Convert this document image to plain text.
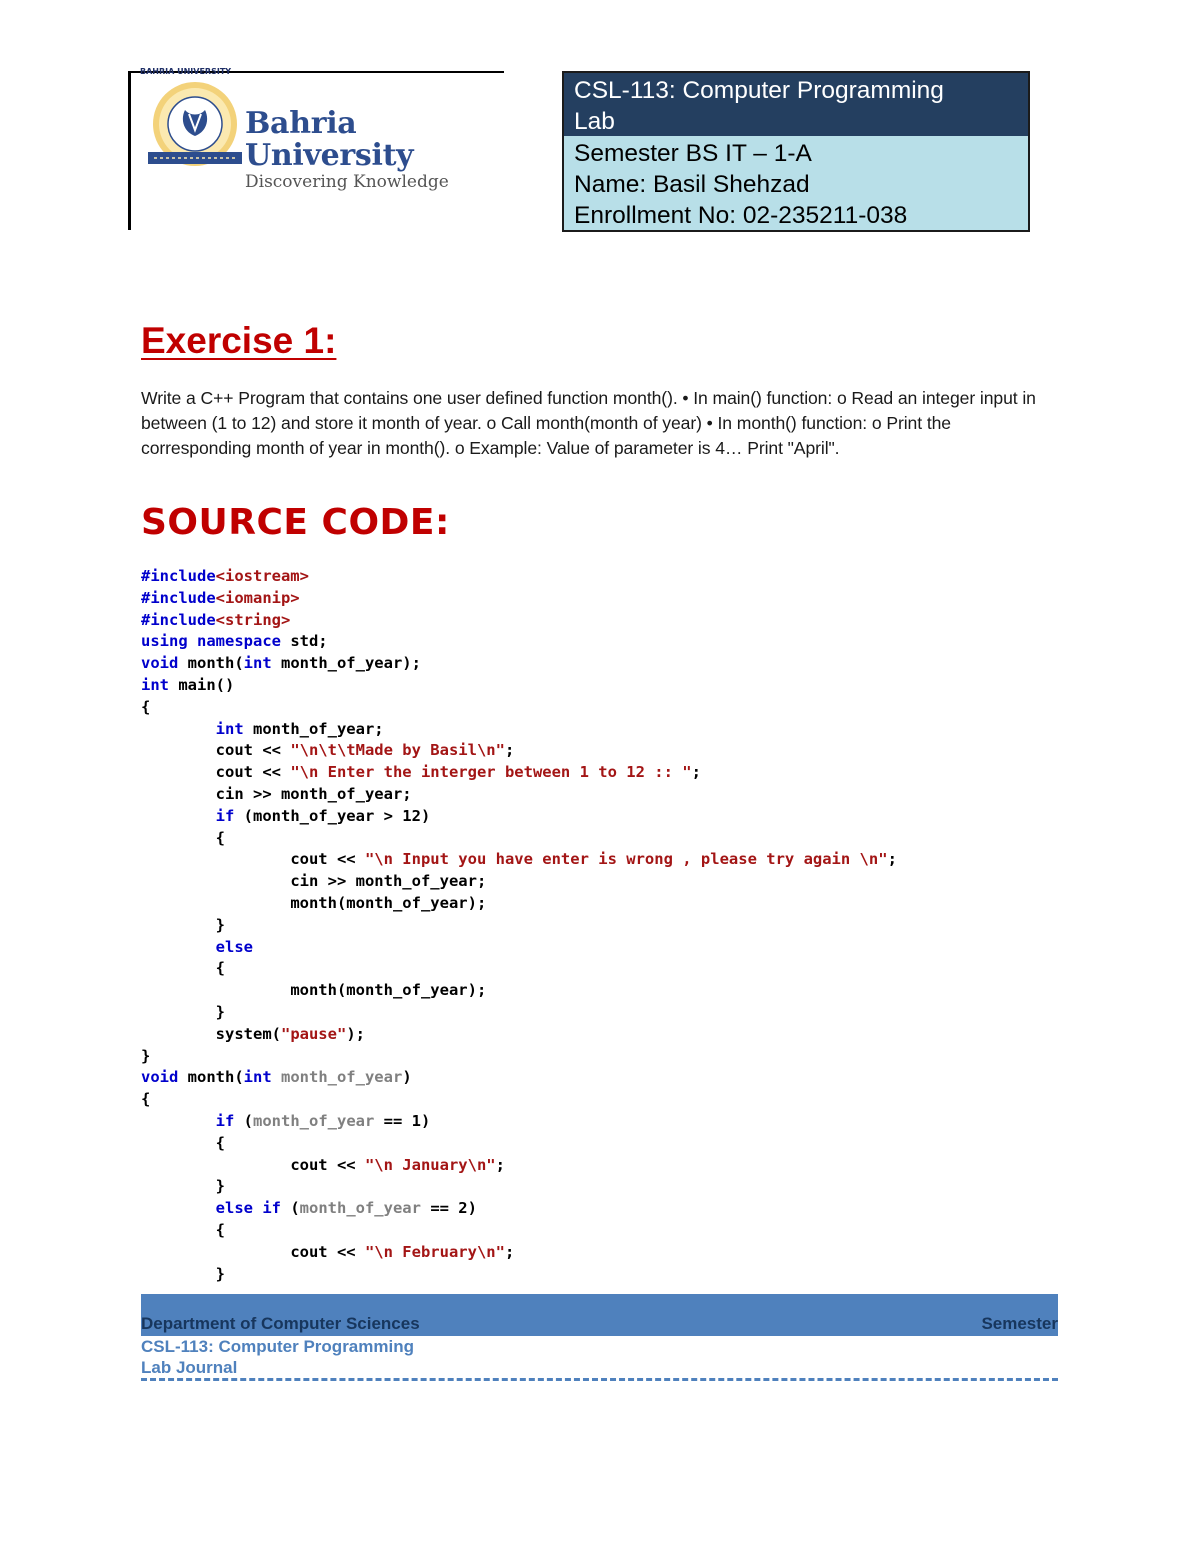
BAHRIA UNIVERSITY
Bahria University
Discovering Knowledge
CSL-113: Computer Programming
Lab
Semester BS IT – 1-A
Name: Basil Shehzad
Enrollment No: 02-235211-038
Exercise 1:
Write a C++ Program that contains one user defined function month(). • In main() function: o Read an integer input in between (1 to 12) and store it month of year. o Call month(month of year) • In month() function: o Print the corresponding month of year in month(). o Example: Value of parameter is 4… Print "April".
SOURCE CODE:
#include<iostream>
#include<iomanip>
#include<string>
using namespace std;
void month(int month_of_year);
int main()
{
	int month_of_year;
	cout << "\n\t\tMade by Basil\n";
	cout << "\n Enter the interger between 1 to 12 :: ";
	cin >> month_of_year;
	if (month_of_year > 12)
	{
		cout << "\n Input you have enter is wrong , please try again \n";
		cin >> month_of_year;
		month(month_of_year);
	}
	else
	{
		month(month_of_year);
	}
	system("pause");
}
void month(int month_of_year)
{
	if (month_of_year == 1)
	{
		cout << "\n January\n";
	}
	else if (month_of_year == 2)
	{
		cout << "\n February\n";
	}
Department of Computer Sciences	Semester
CSL-113: Computer Programming
Lab Journal
